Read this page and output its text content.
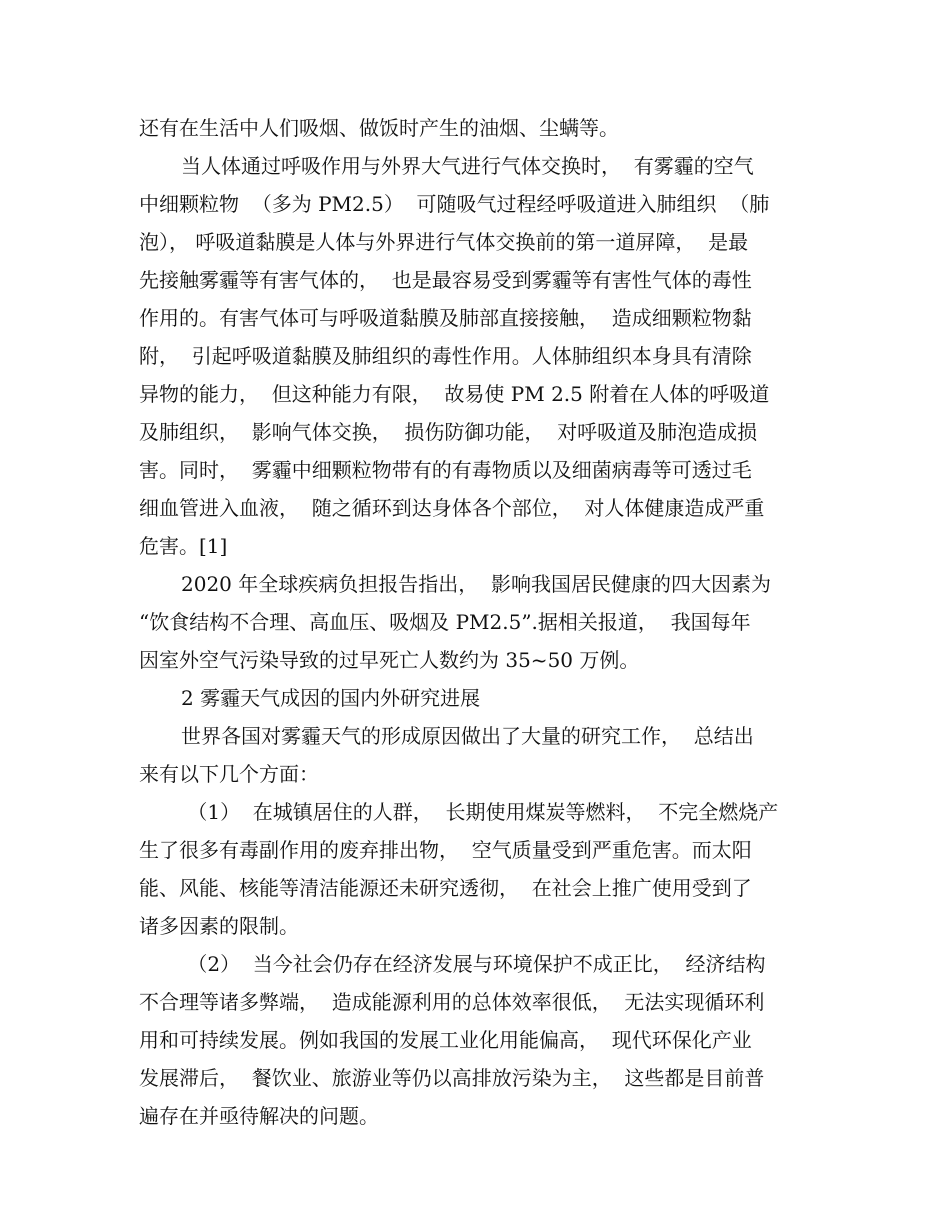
还有在生活中人们吸烟、做饭时产生的油烟、尘螨等。
当人体通过呼吸作用与外界大气进行气体交换时，  有雾霾的空气
中细颗粒物  （多为 PM2.5）  可随吸气过程经呼吸道进入肺组织  （肺
泡）， 呼吸道黏膜是人体与外界进行气体交换前的第一道屏障，  是最
先接触雾霾等有害气体的，  也是最容易受到雾霾等有害性气体的毒性
作用的。有害气体可与呼吸道黏膜及肺部直接接触，  造成细颗粒物黏
附，  引起呼吸道黏膜及肺组织的毒性作用。人体肺组织本身具有清除
异物的能力，  但这种能力有限，  故易使 PM 2.5 附着在人体的呼吸道
及肺组织，  影响气体交换，  损伤防御功能，  对呼吸道及肺泡造成损
害。同时，  雾霾中细颗粒物带有的有毒物质以及细菌病毒等可透过毛
细血管进入血液，  随之循环到达身体各个部位，  对人体健康造成严重
危害。[1]
2020 年全球疾病负担报告指出，  影响我国居民健康的四大因素为
“饮食结构不合理、高血压、吸烟及 PM2.5”.据相关报道，  我国每年
因室外空气污染导致的过早死亡人数约为 35~50 万例。
2 雾霾天气成因的国内外研究进展
世界各国对雾霾天气的形成原因做出了大量的研究工作，  总结出
来有以下几个方面：
（1）  在城镇居住的人群，  长期使用煤炭等燃料，  不完全燃烧产
生了很多有毒副作用的废弃排出物，  空气质量受到严重危害。而太阳
能、风能、核能等清洁能源还未研究透彻，  在社会上推广使用受到了
诸多因素的限制。
（2）  当今社会仍存在经济发展与环境保护不成正比，  经济结构
不合理等诸多弊端，  造成能源利用的总体效率很低，  无法实现循环利
用和可持续发展。例如我国的发展工业化用能偏高，  现代环保化产业
发展滞后，  餐饮业、旅游业等仍以高排放污染为主，  这些都是目前普
遍存在并亟待解决的问题。
